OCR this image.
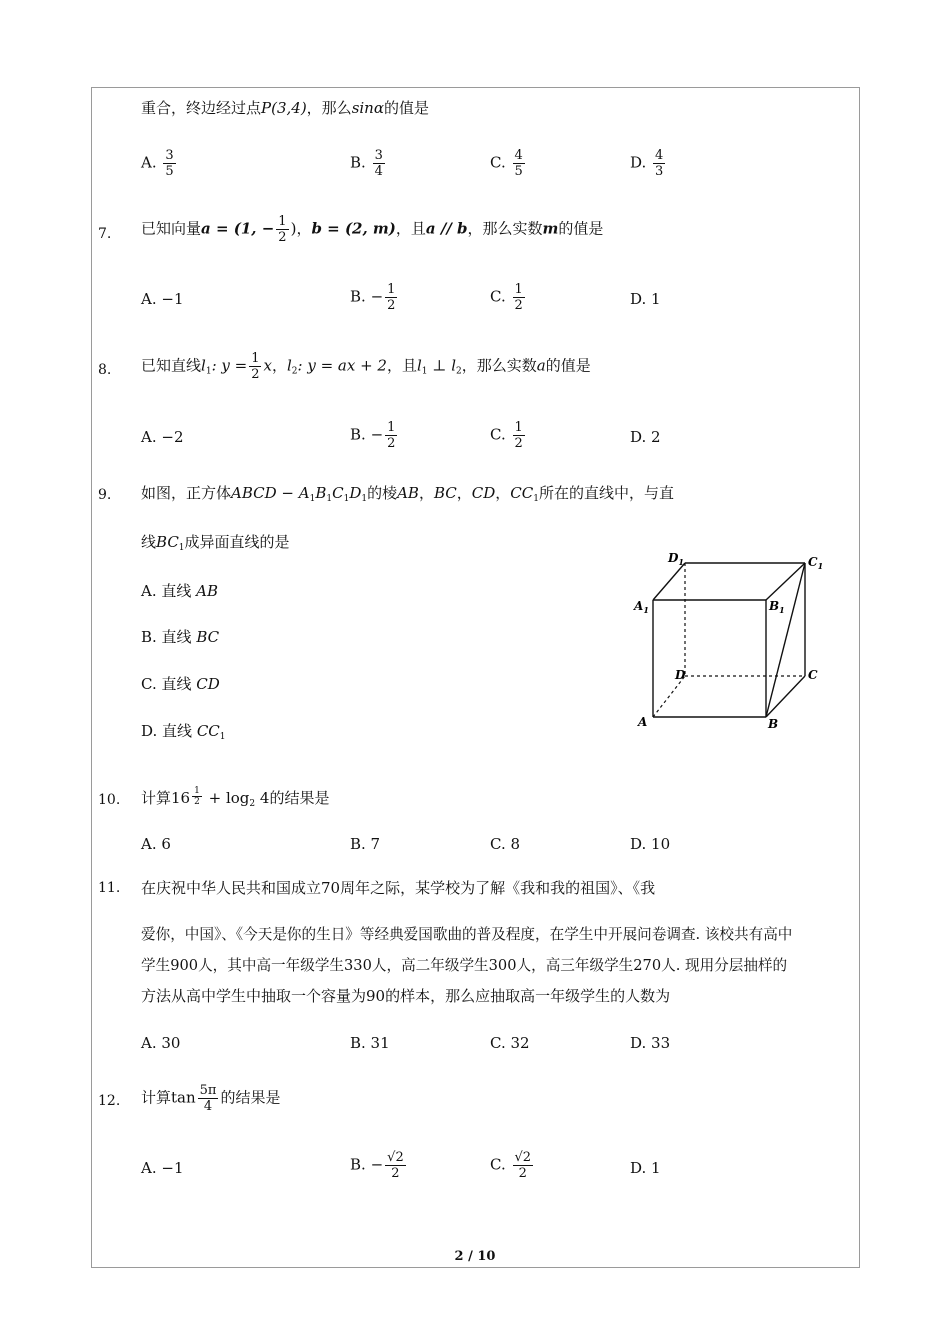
重合，终边经过点P(3,4)，那么sinα的值是
A. $\frac{3}{5}$	B. $\frac{3}{4}$	C. $\frac{4}{5}$	D. $\frac{4}{3}$
7. 已知向量a = (1, − $\frac{1}{2}$ )，b = (2, m)，且a // b，那么实数m的值是
A. −1	B. − $\frac{1}{2}$	C. $\frac{1}{2}$	D. 1
8. 已知直线$l_1$: $y = \frac{1}{2}$ x，$l_2$: y = ax + 2，且$l_1$ ⊥ $l_2$，那么实数a的值是
A. −2	B. − $\frac{1}{2}$	C. $\frac{1}{2}$	D. 2
9. 如图，正方体ABCD − $A_1B_1C_1D_1$的棱AB，BC，CD，$CC_1$所在的直线中，与直
线$BC_1$成异面直线的是
A. 直线 AB
B. 直线 BC
C. 直线 CD
D. 直线 $CC_1$
$D_1$	$C_1$
$A_1$	$B_1$
D	C
A	B
10. 计算$16 \frac{1}{2} + \log_2 4$的结果是
A. 6	B. 7	C. 8	D. 10
11. 在庆祝中华人民共和国成立70周年之际，某学校为了解《我和我的祖国》、《我
爱你，中国》、《今天是你的生日》等经典爱国歌曲的普及程度，在学生中开展问卷调查. 该校共有高中
学生900人，其中高一年级学生330人，高二年级学生300人，高三年级学生270人. 现用分层抽样的
方法从高中学生中抽取一个容量为90的样本，那么应抽取高一年级学生的人数为
A. 30	B. 31	C. 32	D. 33
12. 计算$\tan \frac{5\pi}{4}$ 的结果是
A. −1	B. − $\frac{√2}{2}$	C. $\frac{√2}{2}$	D. 1
2 / 10
